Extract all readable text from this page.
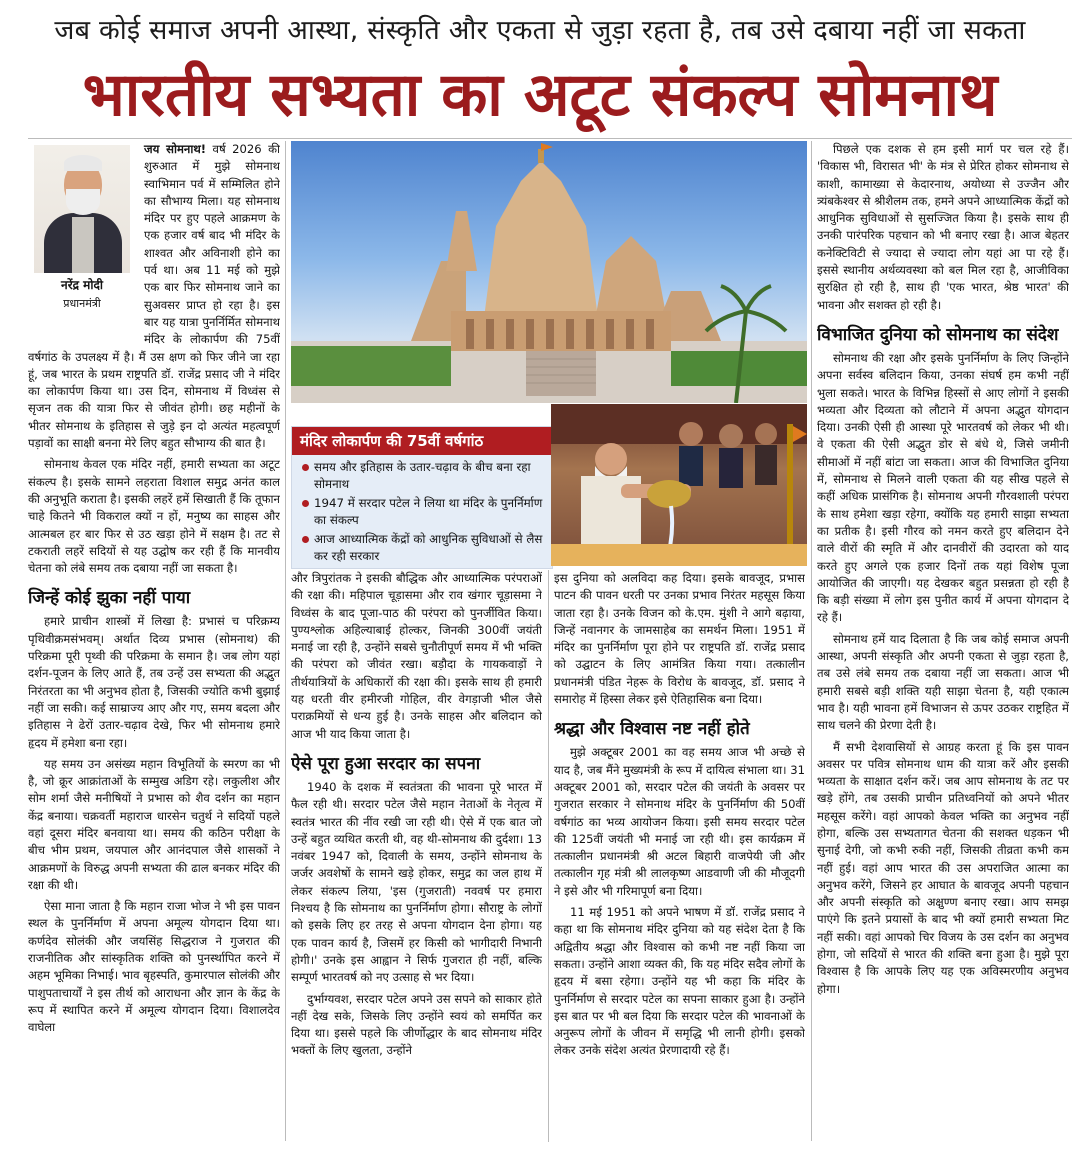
जब कोई समाज अपनी आस्था, संस्कृति और एकता से जुड़ा रहता है, तब उसे दबाया नहीं जा सकता
भारतीय सभ्यता का अटूट संकल्प सोमनाथ

नरेंद्र मोदी
प्रधानमंत्री
जय सोमनाथ! वर्ष 2026 की शुरुआत में मुझे सोमनाथ स्वाभिमान पर्व में सम्मिलित होने का सौभाग्य मिला। यह सोमनाथ मंदिर पर हुए पहले आक्रमण के एक हजार वर्ष बाद भी मंदिर के शाश्वत और अविनाशी होने का पर्व था। अब 11 मई को मुझे एक बार फिर सोमनाथ जाने का सुअवसर प्राप्त हो रहा है। इस बार यह यात्रा पुनर्निर्मित सोमनाथ मंदिर के लोकार्पण की 75वीं वर्षगांठ के उपलक्ष्य में है। मैं उस क्षण को फिर जीने जा रहा हूं, जब भारत के प्रथम राष्ट्रपति डॉ. राजेंद्र प्रसाद जी ने मंदिर का लोकार्पण किया था। उस दिन, सोमनाथ में विध्वंस से सृजन तक की यात्रा फिर से जीवंत होगी। छह महीनों के भीतर सोमनाथ के इतिहास से जुड़े इन दो अत्यंत महत्वपूर्ण पड़ावों का साक्षी बनना मेरे लिए बहुत सौभाग्य की बात है।

सोमनाथ केवल एक मंदिर नहीं, हमारी सभ्यता का अटूट संकल्प है। इसके सामने लहराता विशाल समुद्र अनंत काल की अनुभूति कराता है। इसकी लहरें हमें सिखाती हैं कि तूफान चाहे कितने भी विकराल क्यों न हों, मनुष्य का साहस और आत्मबल हर बार फिर से उठ खड़ा होने में सक्षम है। तट से टकराती लहरें सदियों से यह उद्घोष कर रही हैं कि मानवीय चेतना को लंबे समय तक दबाया नहीं जा सकता है।

जिन्हें कोई झुका नहीं पाया

हमारे प्राचीन शास्त्रों में लिखा है: प्रभासं च परिक्रम्य पृथिवीक्रमसंभवम्। अर्थात दिव्य प्रभास (सोमनाथ) की परिक्रमा पूरी पृथ्वी की परिक्रमा के समान है। जब लोग यहां दर्शन-पूजन के लिए आते हैं, तब उन्हें उस सभ्यता की अद्भुत निरंतरता का भी अनुभव होता है, जिसकी ज्योति कभी बुझाई नहीं जा सकी। कई साम्राज्य आए और गए, समय बदला और इतिहास ने ढेरों उतार-चढ़ाव देखे, फिर भी सोमनाथ हमारे हृदय में हमेशा बना रहा।

यह समय उन असंख्य महान विभूतियों के स्मरण का भी है, जो क्रूर आक्रांताओं के सम्मुख अडिग रहे। लकुलीश और सोम शर्मा जैसे मनीषियों ने प्रभास को शैव दर्शन का महान केंद्र बनाया। चक्रवर्ती महाराज धारसेन चतुर्थ ने सदियों पहले वहां दूसरा मंदिर बनवाया था। समय की कठिन परीक्षा के बीच भीम प्रथम, जयपाल और आनंदपाल जैसे शासकों ने आक्रमणों के विरुद्ध अपनी सभ्यता की ढाल बनकर मंदिर की रक्षा की थी।

ऐसा माना जाता है कि महान राजा भोज ने भी इस पावन स्थल के पुनर्निर्माण में अपना अमूल्य योगदान दिया था। कर्णदेव सोलंकी और जयसिंह सिद्धराज ने गुजरात की राजनीतिक और सांस्कृतिक शक्ति को पुनर्स्थापित करने में अहम भूमिका निभाई। भाव बृहस्पति, कुमारपाल सोलंकी और पाशुपताचार्यों ने इस तीर्थ को आराधना और ज्ञान के केंद्र के रूप में स्थापित करने में अमूल्य योगदान दिया। विशालदेव वाघेला

मंदिर लोकार्पण की 75वीं वर्षगांठ
समय और इतिहास के उतार-चढ़ाव के बीच बना रहा सोमनाथ
1947 में सरदार पटेल ने लिया था मंदिर के पुनर्निर्माण का संकल्प
आज आध्यात्मिक केंद्रों को आधुनिक सुविधाओं से लैस कर रही सरकार

और त्रिपुरांतक ने इसकी बौद्धिक और आध्यात्मिक परंपराओं की रक्षा की। महिपाल चूड़ासमा और राव खंगार चूड़ासमा ने विध्वंस के बाद पूजा-पाठ की परंपरा को पुनर्जीवित किया। पुण्यश्लोक अहिल्याबाई होल्कर, जिनकी 300वीं जयंती मनाई जा रही है, उन्होंने सबसे चुनौतीपूर्ण समय में भी भक्ति की परंपरा को जीवंत रखा। बड़ौदा के गायकवाड़ों ने तीर्थयात्रियों के अधिकारों की रक्षा की। इसके साथ ही हमारी यह धरती वीर हमीरजी गोहिल, वीर वेगड़ाजी भील जैसे पराक्रमियों से धन्य हुई है। उनके साहस और बलिदान को आज भी याद किया जाता है।

ऐसे पूरा हुआ सरदार का सपना

1940 के दशक में स्वतंत्रता की भावना पूरे भारत में फैल रही थी। सरदार पटेल जैसे महान नेताओं के नेतृत्व में स्वतंत्र भारत की नींव रखी जा रही थी। ऐसे में एक बात जो उन्हें बहुत व्यथित करती थी, वह थी-सोमनाथ की दुर्दशा। 13 नवंबर 1947 को, दिवाली के समय, उन्होंने सोमनाथ के जर्जर अवशेषों के सामने खड़े होकर, समुद्र का जल हाथ में लेकर संकल्प लिया, 'इस (गुजराती) नववर्ष पर हमारा निश्चय है कि सोमनाथ का पुनर्निर्माण होगा। सौराष्ट्र के लोगों को इसके लिए हर तरह से अपना योगदान देना होगा। यह एक पावन कार्य है, जिसमें हर किसी को भागीदारी निभानी होगी।' उनके इस आह्वान ने सिर्फ गुजरात ही नहीं, बल्कि सम्पूर्ण भारतवर्ष को नए उत्साह से भर दिया।

दुर्भाग्यवश, सरदार पटेल अपने उस सपने को साकार होते नहीं देख सके, जिसके लिए उन्होंने स्वयं को समर्पित कर दिया था। इससे पहले कि जीर्णोद्धार के बाद सोमनाथ मंदिर भक्तों के लिए खुलता, उन्होंने

इस दुनिया को अलविदा कह दिया। इसके बावजूद, प्रभास पाटन की पावन धरती पर उनका प्रभाव निरंतर महसूस किया जाता रहा है। उनके विजन को के.एम. मुंशी ने आगे बढ़ाया, जिन्हें नवानगर के जामसाहेब का समर्थन मिला। 1951 में मंदिर का पुनर्निर्माण पूरा होने पर राष्ट्रपति डॉ. राजेंद्र प्रसाद को उद्घाटन के लिए आमंत्रित किया गया। तत्कालीन प्रधानमंत्री पंडित नेहरू के विरोध के बावजूद, डॉ. प्रसाद ने समारोह में हिस्सा लेकर इसे ऐतिहासिक बना दिया।

श्रद्धा और विश्वास नष्ट नहीं होते

मुझे अक्टूबर 2001 का वह समय आज भी अच्छे से याद है, जब मैंने मुख्यमंत्री के रूप में दायित्व संभाला था। 31 अक्टूबर 2001 को, सरदार पटेल की जयंती के अवसर पर गुजरात सरकार ने सोमनाथ मंदिर के पुनर्निर्माण की 50वीं वर्षगांठ का भव्य आयोजन किया। इसी समय सरदार पटेल की 125वीं जयंती भी मनाई जा रही थी। इस कार्यक्रम में तत्कालीन प्रधानमंत्री श्री अटल बिहारी वाजपेयी जी और तत्कालीन गृह मंत्री श्री लालकृष्ण आडवाणी जी की मौजूदगी ने इसे और भी गरिमापूर्ण बना दिया।

11 मई 1951 को अपने भाषण में डॉ. राजेंद्र प्रसाद ने कहा था कि सोमनाथ मंदिर दुनिया को यह संदेश देता है कि अद्वितीय श्रद्धा और विश्वास को कभी नष्ट नहीं किया जा सकता। उन्होंने आशा व्यक्त की, कि यह मंदिर सदैव लोगों के हृदय में बसा रहेगा। उन्होंने यह भी कहा कि मंदिर के पुनर्निर्माण से सरदार पटेल का सपना साकार हुआ है। उन्होंने इस बात पर भी बल दिया कि सरदार पटेल की भावनाओं के अनुरूप लोगों के जीवन में समृद्धि भी लानी होगी। इसको लेकर उनके संदेश अत्यंत प्रेरणादायी रहे हैं।

पिछले एक दशक से हम इसी मार्ग पर चल रहे हैं। 'विकास भी, विरासत भी' के मंत्र से प्रेरित होकर सोमनाथ से काशी, कामाख्या से केदारनाथ, अयोध्या से उज्जैन और त्र्यंबकेश्वर से श्रीशैलम तक, हमने अपने आध्यात्मिक केंद्रों को आधुनिक सुविधाओं से सुसज्जित किया है। इसके साथ ही उनकी पारंपरिक पहचान को भी बनाए रखा है। आज बेहतर कनेक्टिविटी से ज्यादा से ज्यादा लोग यहां आ पा रहे हैं। इससे स्थानीय अर्थव्यवस्था को बल मिल रहा है, आजीविका सुरक्षित हो रही है, साथ ही 'एक भारत, श्रेष्ठ भारत' की भावना और सशक्त हो रही है।

विभाजित दुनिया को सोमनाथ का संदेश

सोमनाथ की रक्षा और इसके पुनर्निर्माण के लिए जिन्होंने अपना सर्वस्व बलिदान किया, उनका संघर्ष हम कभी नहीं भुला सकते। भारत के विभिन्न हिस्सों से आए लोगों ने इसकी भव्यता और दिव्यता को लौटाने में अपना अद्भुत योगदान दिया। उनकी ऐसी ही आस्था पूरे भारतवर्ष को लेकर भी थी। वे एकता की ऐसी अद्भुत डोर से बंधे थे, जिसे जमीनी सीमाओं में नहीं बांटा जा सकता। आज की विभाजित दुनिया में, सोमनाथ से मिलने वाली एकता की यह सीख पहले से कहीं अधिक प्रासंगिक है। सोमनाथ अपनी गौरवशाली परंपरा के साथ हमेशा खड़ा रहेगा, क्योंकि यह हमारी साझा सभ्यता का प्रतीक है। इसी गौरव को नमन करते हुए बलिदान देने वाले वीरों की स्मृति में और दानवीरों की उदारता को याद करते हुए अगले एक हजार दिनों तक यहां विशेष पूजा आयोजित की जाएगी। यह देखकर बहुत प्रसन्नता हो रही है कि बड़ी संख्या में लोग इस पुनीत कार्य में अपना योगदान दे रहे हैं।

सोमनाथ हमें याद दिलाता है कि जब कोई समाज अपनी आस्था, अपनी संस्कृति और अपनी एकता से जुड़ा रहता है, तब उसे लंबे समय तक दबाया नहीं जा सकता। आज भी हमारी सबसे बड़ी शक्ति यही साझा चेतना है, यही एकात्म भाव है। यही भावना हमें विभाजन से ऊपर उठकर राष्ट्रहित में साथ चलने की प्रेरणा देती है।

मैं सभी देशवासियों से आग्रह करता हूं कि इस पावन अवसर पर पवित्र सोमनाथ धाम की यात्रा करें और इसकी भव्यता के साक्षात दर्शन करें। जब आप सोमनाथ के तट पर खड़े होंगे, तब उसकी प्राचीन प्रतिध्वनियों को अपने भीतर महसूस करेंगे। वहां आपको केवल भक्ति का अनुभव नहीं होगा, बल्कि उस सभ्यतागत चेतना की सशक्त धड़कन भी सुनाई देगी, जो कभी रुकी नहीं, जिसकी तीव्रता कभी कम नहीं हुई। वहां आप भारत की उस अपराजित आत्मा का अनुभव करेंगे, जिसने हर आघात के बावजूद अपनी पहचान और अपनी संस्कृति को अक्षुण्ण बनाए रखा। आप समझ पाएंगे कि इतने प्रयासों के बाद भी क्यों हमारी सभ्यता मिट नहीं सकी। वहां आपको चिर विजय के उस दर्शन का अनुभव होगा, जो सदियों से भारत की शक्ति बना हुआ है। मुझे पूरा विश्वास है कि आपके लिए यह एक अविस्मरणीय अनुभव होगा।
